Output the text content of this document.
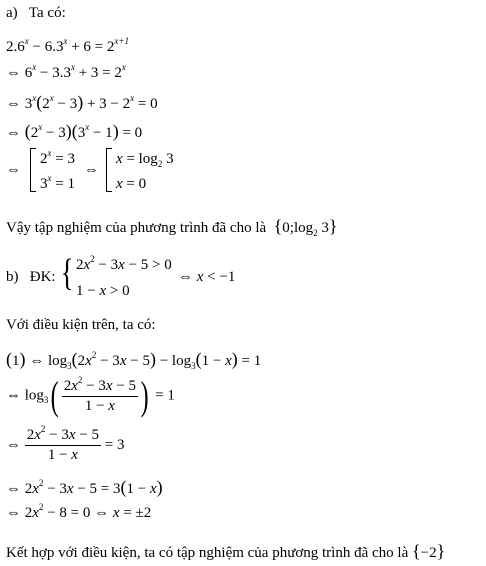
a) Ta có:
$2.6^x - 6.3^x + 6 = 2^{x+1}$
⇔ $6^x - 3.3^x + 3 = 2^x$
⇔ $3^x(2^x - 3) + 3 - 2^x = 0$
⇔ $(2^x - 3)(3^x - 1) = 0$
⇔
$2^x = 3$
$3^x = 1$
⇔
$x = \log_2 3$
x = 0
Vậy tập nghiệm của phương trình đã cho là {$0;\log_2$ 3}
b) ĐK: { $2x^2 - 3x - 5 > 0$
1 − x > 0
⇔ x < −1
Với điều kiện trên, ta có:
(1) ⇔ $\log_3(2x^2 - 3x - 5) - \log_3(1 - x) = 1$
⇔ $\log_3( \frac{2x^2 - 3x - 5}{1 - x}$ ) = 1
⇔ $\frac{2x^2 - 3x - 5}{1 - x} = 3$
⇔ $2x^2 - 3x - 5 = 3(1 - x)$
⇔ $2x^2 - 8 = 0$ ⇔ x = ±2
Kết hợp với điều kiện, ta có tập nghiệm của phương trình đã cho là {−2}
